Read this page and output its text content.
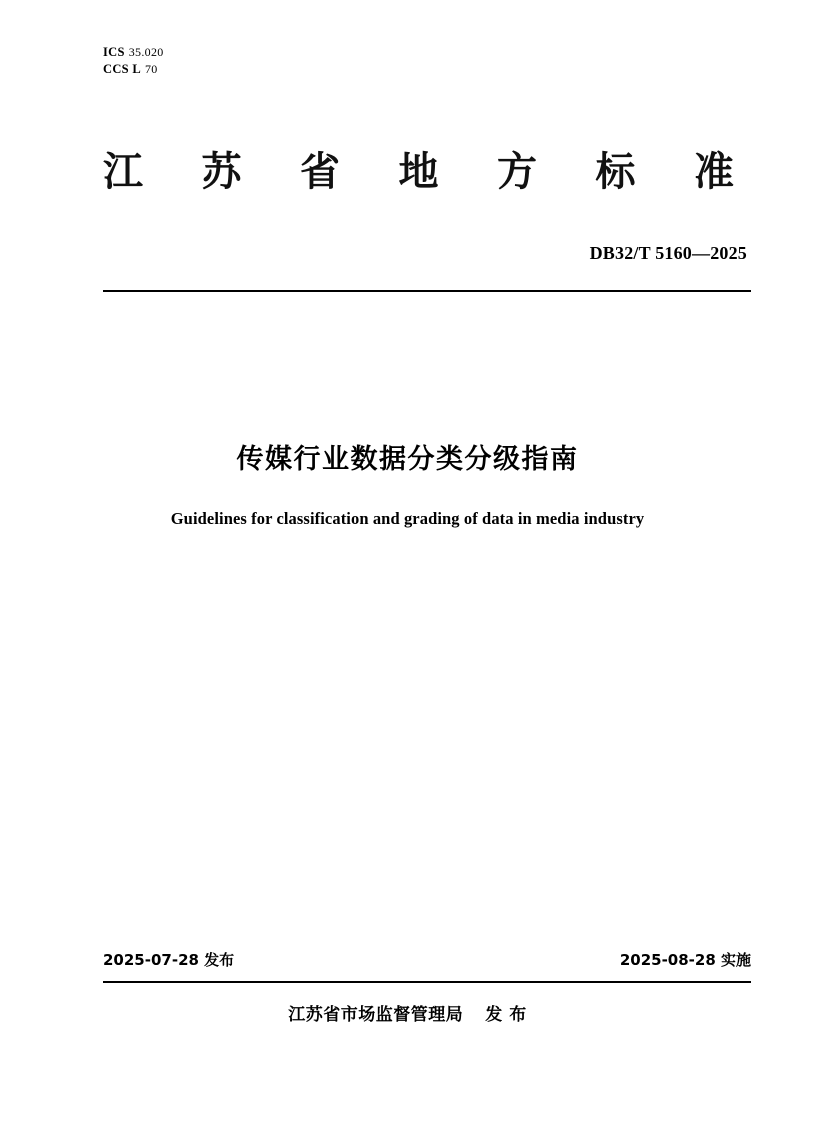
ICS 35.020
CCS L 70
江 苏 省 地 方 标 准
DB32/T 5160—2025
传媒行业数据分类分级指南
Guidelines for classification and grading of data in media industry
2025-07-28 发布	2025-08-28 实施
江苏省市场监督管理局 发 布
